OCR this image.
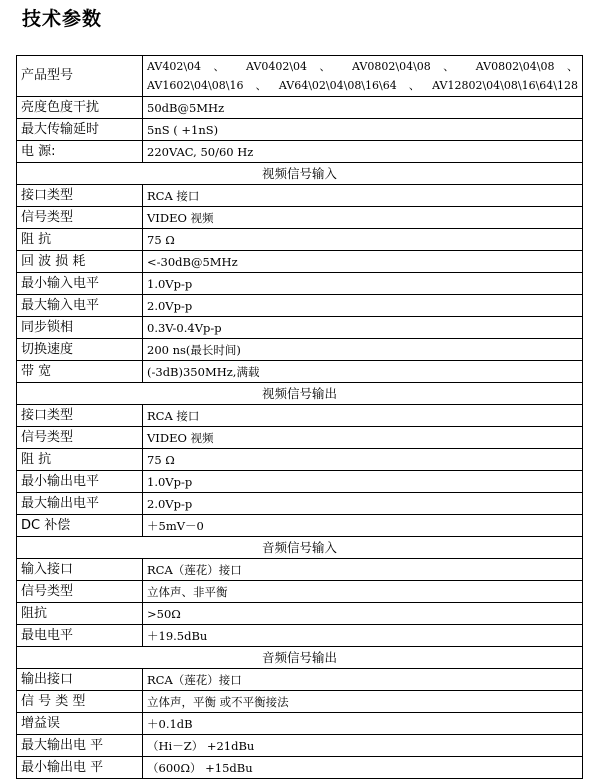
技术参数
产品型号	AV402\04 、 AV0402\04 、 AV0802\04\08 、 AV0802\04\08 、 AV1602\04\08\16、AV64\02\04\08\16\64、AV12802\04\08\16\64\128
亮度色度干扰	50dB@5MHz
最大传输延时	5nS ( +1nS)
电 源:	220VAC, 50/60 Hz
视频信号输入	
接口类型	RCA 接口
信号类型	VIDEO 视频
阻 抗	75 Ω
回 波 损 耗	<-30dB@5MHz
最小输入电平	1.0Vp-p
最大输入电平	2.0Vp-p
同步锁相	0.3V-0.4Vp-p
切换速度	200 ns(最长时间)
带 宽	(-3dB)350MHz,满载
视频信号输出	
接口类型	RCA 接口
信号类型	VIDEO 视频
阻 抗	75 Ω
最小输出电平	1.0Vp-p
最大输出电平	2.0Vp-p
DC 补偿	＋5mV－0
音频信号输入	
输入接口	RCA（莲花）接口
信号类型	立体声、非平衡
阻抗	>50Ω
最电电平	＋19.5dBu
音频信号输出	
输出接口	RCA（莲花）接口
信 号 类 型	立体声，平衡 或不平衡接法
增益误	＋0.1dB
最大输出电 平	（Hi－Z） +21dBu
最小输出电 平	（600Ω） +15dBu
